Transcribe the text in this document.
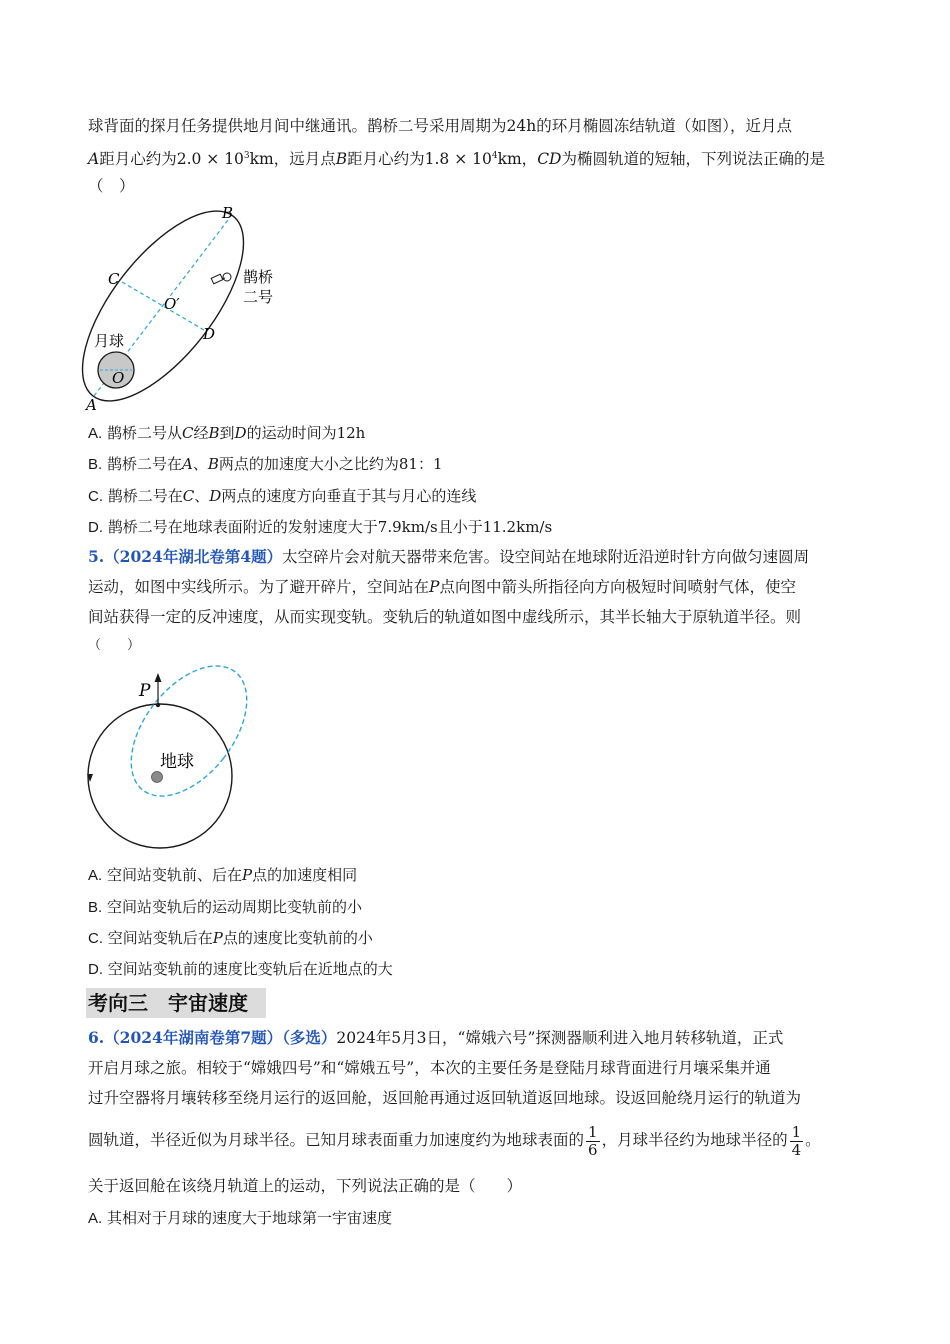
球背面的探月任务提供地月间中继通讯。鹊桥二号采用周期为24h的环月椭圆冻结轨道（如图），近月点
A距月心约为$2.0 \times 10^3km$，远月点B距月心约为$1.8 \times 10^4km$，CD为椭圆轨道的短轴，下列说法正确的是
（　）
B
C
O′
D
O
A
月球
鹊桥
二号
A. 鹊桥二号从C经B到D的运动时间为12h
B. 鹊桥二号在A、B两点的加速度大小之比约为81：1
C. 鹊桥二号在C、D两点的速度方向垂直于其与月心的连线
D. 鹊桥二号在地球表面附近的发射速度大于7.9km/s且小于11.2km/s
5.（2024年湖北卷第4题）太空碎片会对航天器带来危害。设空间站在地球附近沿逆时针方向做匀速圆周
运动，如图中实线所示。为了避开碎片，空间站在P点向图中箭头所指径向方向极短时间喷射气体，使空
间站获得一定的反冲速度，从而实现变轨。变轨后的轨道如图中虚线所示，其半长轴大于原轨道半径。则
（　　）
P
地球
A. 空间站变轨前、后在P点的加速度相同
B. 空间站变轨后的运动周期比变轨前的小
C. 空间站变轨后在P点的速度比变轨前的小
D. 空间站变轨前的速度比变轨后在近地点的大
考向三　宇宙速度
6.（2024年湖南卷第7题）（多选）2024年5月3日，“嫦娥六号”探测器顺利进入地月转移轨道，正式
开启月球之旅。相较于“嫦娥四号”和“嫦娥五号”，本次的主要任务是登陆月球背面进行月壤采集并通
过升空器将月壤转移至绕月运行的返回舱，返回舱再通过返回轨道返回地球。设返回舱绕月运行的轨道为
圆轨道，半径近似为月球半径。已知月球表面重力加速度约为地球表面的 $\frac{1}{6}$ ，月球半径约为地球半径的 $\frac{1}{4}$ 。
关于返回舱在该绕月轨道上的运动，下列说法正确的是（　　）
A. 其相对于月球的速度大于地球第一宇宙速度
